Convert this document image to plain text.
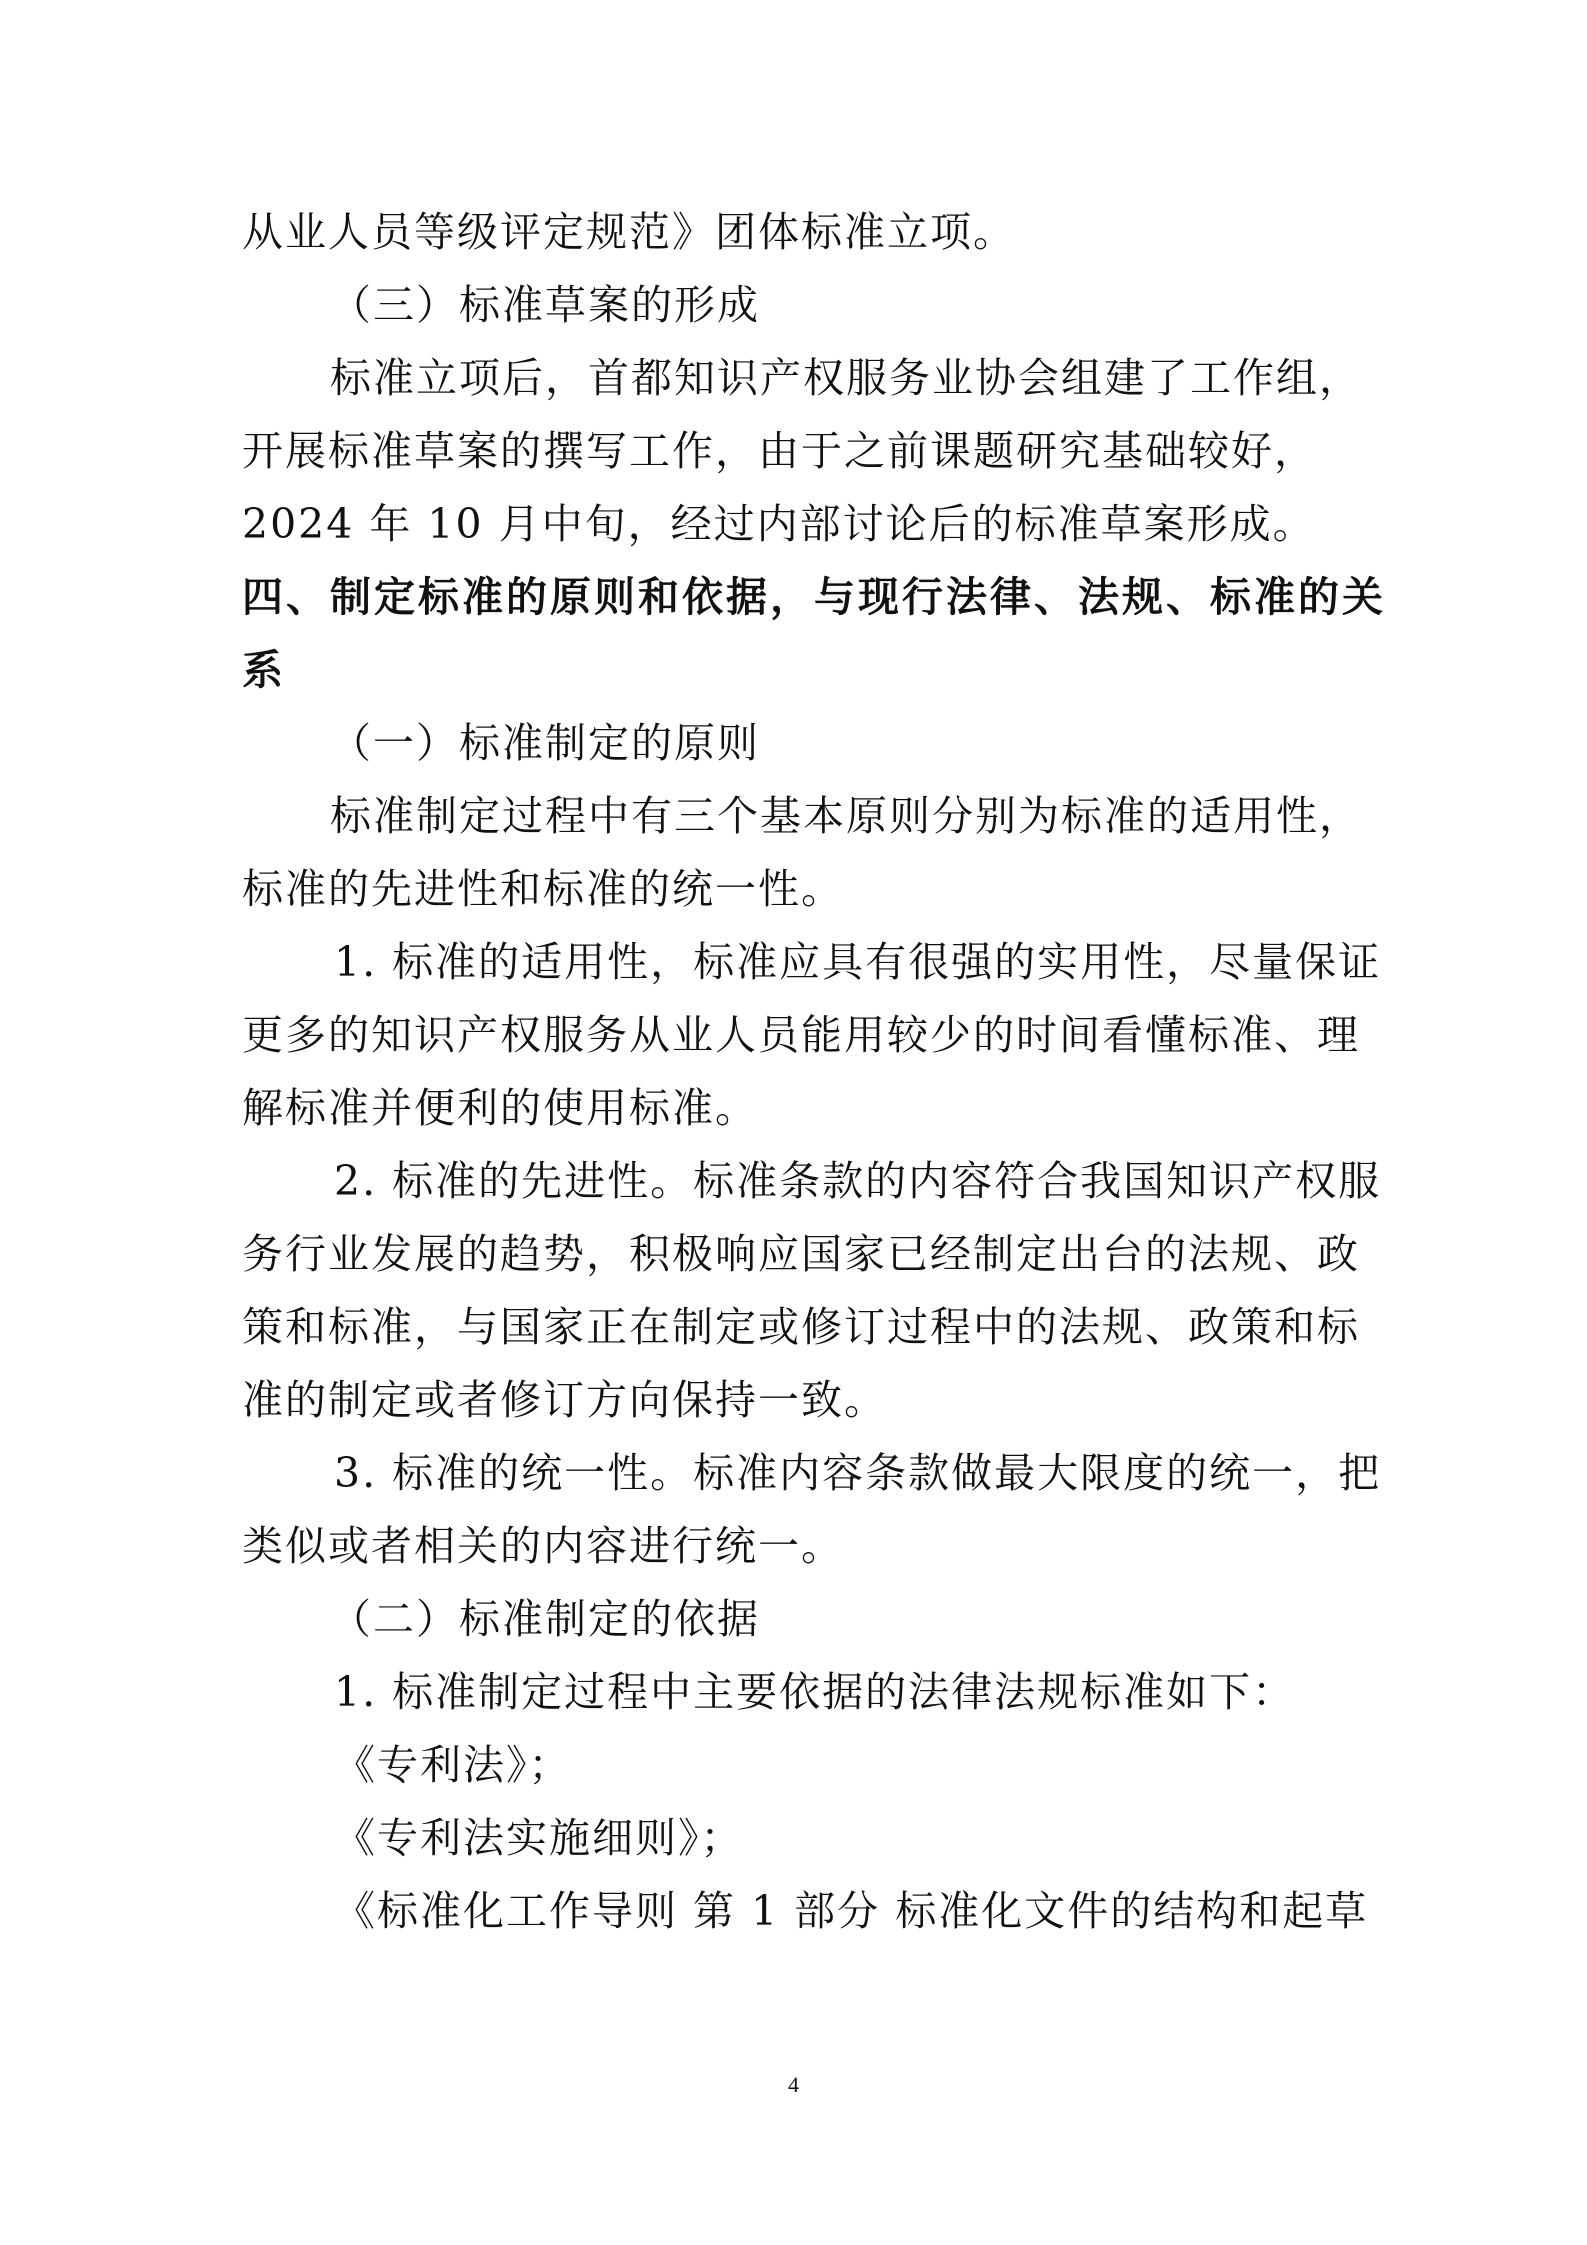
从业人员等级评定规范》团体标准立项。
（三）标准草案的形成
标准立项后，首都知识产权服务业协会组建了工作组，
开展标准草案的撰写工作，由于之前课题研究基础较好，
2024 年 10 月中旬，经过内部讨论后的标准草案形成。
四、制定标准的原则和依据，与现行法律、法规、标准的关
系
（一）标准制定的原则
标准制定过程中有三个基本原则分别为标准的适用性，
标准的先进性和标准的统一性。
1. 标准的适用性，标准应具有很强的实用性，尽量保证
更多的知识产权服务从业人员能用较少的时间看懂标准、理
解标准并便利的使用标准。
2. 标准的先进性。标准条款的内容符合我国知识产权服
务行业发展的趋势，积极响应国家已经制定出台的法规、政
策和标准，与国家正在制定或修订过程中的法规、政策和标
准的制定或者修订方向保持一致。
3. 标准的统一性。标准内容条款做最大限度的统一，把
类似或者相关的内容进行统一。
（二）标准制定的依据
1. 标准制定过程中主要依据的法律法规标准如下：
《专利法》；
《专利法实施细则》；
《标准化工作导则 第 1 部分 标准化文件的结构和起草
4
